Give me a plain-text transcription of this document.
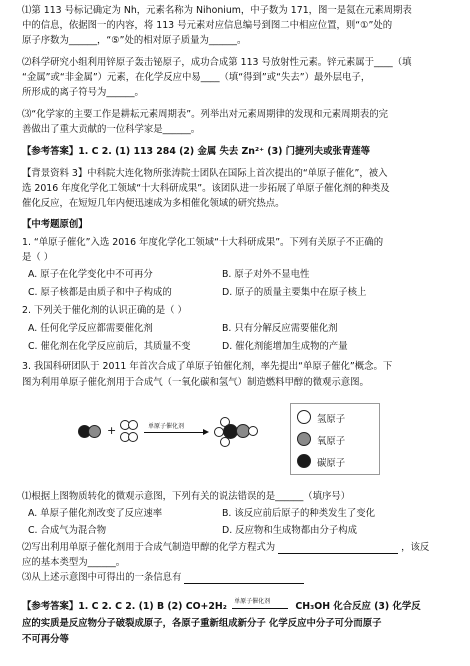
⑴第 113 号标记确定为 Nh，元素名称为 Nihonium，中子数为 171，图一是氦在元素周期表
中的信息，依据图一的内容，将 113 号元素对应信息编号到图二中相应位置，则“①”处的
原子序数为______，“⑤”处的相对原子质量为______。
⑵科学研究小组利用锌原子轰击铋原子，成功合成第 113 号放射性元素。锌元素属于____（填
“金属”或“非金属”）元素，在化学反应中易____（填“得到”或“失去”）最外层电子，
所形成的离子符号为______。
⑶“化学家的主要工作是耕耘元素周期表”。列举出对元素周期律的发现和元素周期表的完
善做出了重大贡献的一位科学家是______。
【参考答案】1. C 2. (1) 113 284 (2) 金属 失去 Zn²⁺ (3) 门捷列夫或张青莲等
【背景资料 3】中科院大连化物所张涛院士团队在国际上首次提出的“单原子催化”，被入
选 2016 年度化学化工领域“十大科研成果”。该团队进一步拓展了单原子催化剂的种类及
催化反应，在短短几年内便迅速成为多相催化领域的研究热点。
【中考题原创】
1. “单原子催化”入选 2016 年度化学化工领域“十大科研成果”。下列有关原子不正确的
是（ ）
A. 原子在化学变化中不可再分	B. 原子对外不显电性
C. 原子核都是由质子和中子构成的	D. 原子的质量主要集中在原子核上
2. 下列关于催化剂的认识正确的是（ ）
A. 任何化学反应都需要催化剂	B. 只有分解反应需要催化剂
C. 催化剂在化学反应前后，其质量不变	D. 催化剂能增加生成物的产量
3. 我国科研团队于 2011 年首次合成了单原子铂催化剂，率先提出“单原子催化”概念。下
图为利用单原子催化剂用于合成气（一氧化碳和氢气）制造燃料甲醇的微观示意图。
+	单原子催化剂
氢原子
氧原子
碳原子
⑴根据上图物质转化的微观示意图，下列有关的说法错误的是______（填序号）
A. 单原子催化剂改变了反应速率	B. 该反应前后原子的种类发生了变化
C. 合成气为混合物	D. 反应物和生成物都由分子构成
⑵写出利用单原子催化剂用于合成气制造甲醇的化学方程式为	，该反
应的基本类型为______。
⑶从上述示意图中可得出的一条信息有
【参考答案】1. C 2. C 2. (1) B (2) CO+2H₂ 单原子催化剂	CH₃OH 化合反应 (3) 化学反
应的实质是反应物分子破裂成原子，各原子重新组成新分子 化学反应中分子可分而原子
不可再分等
